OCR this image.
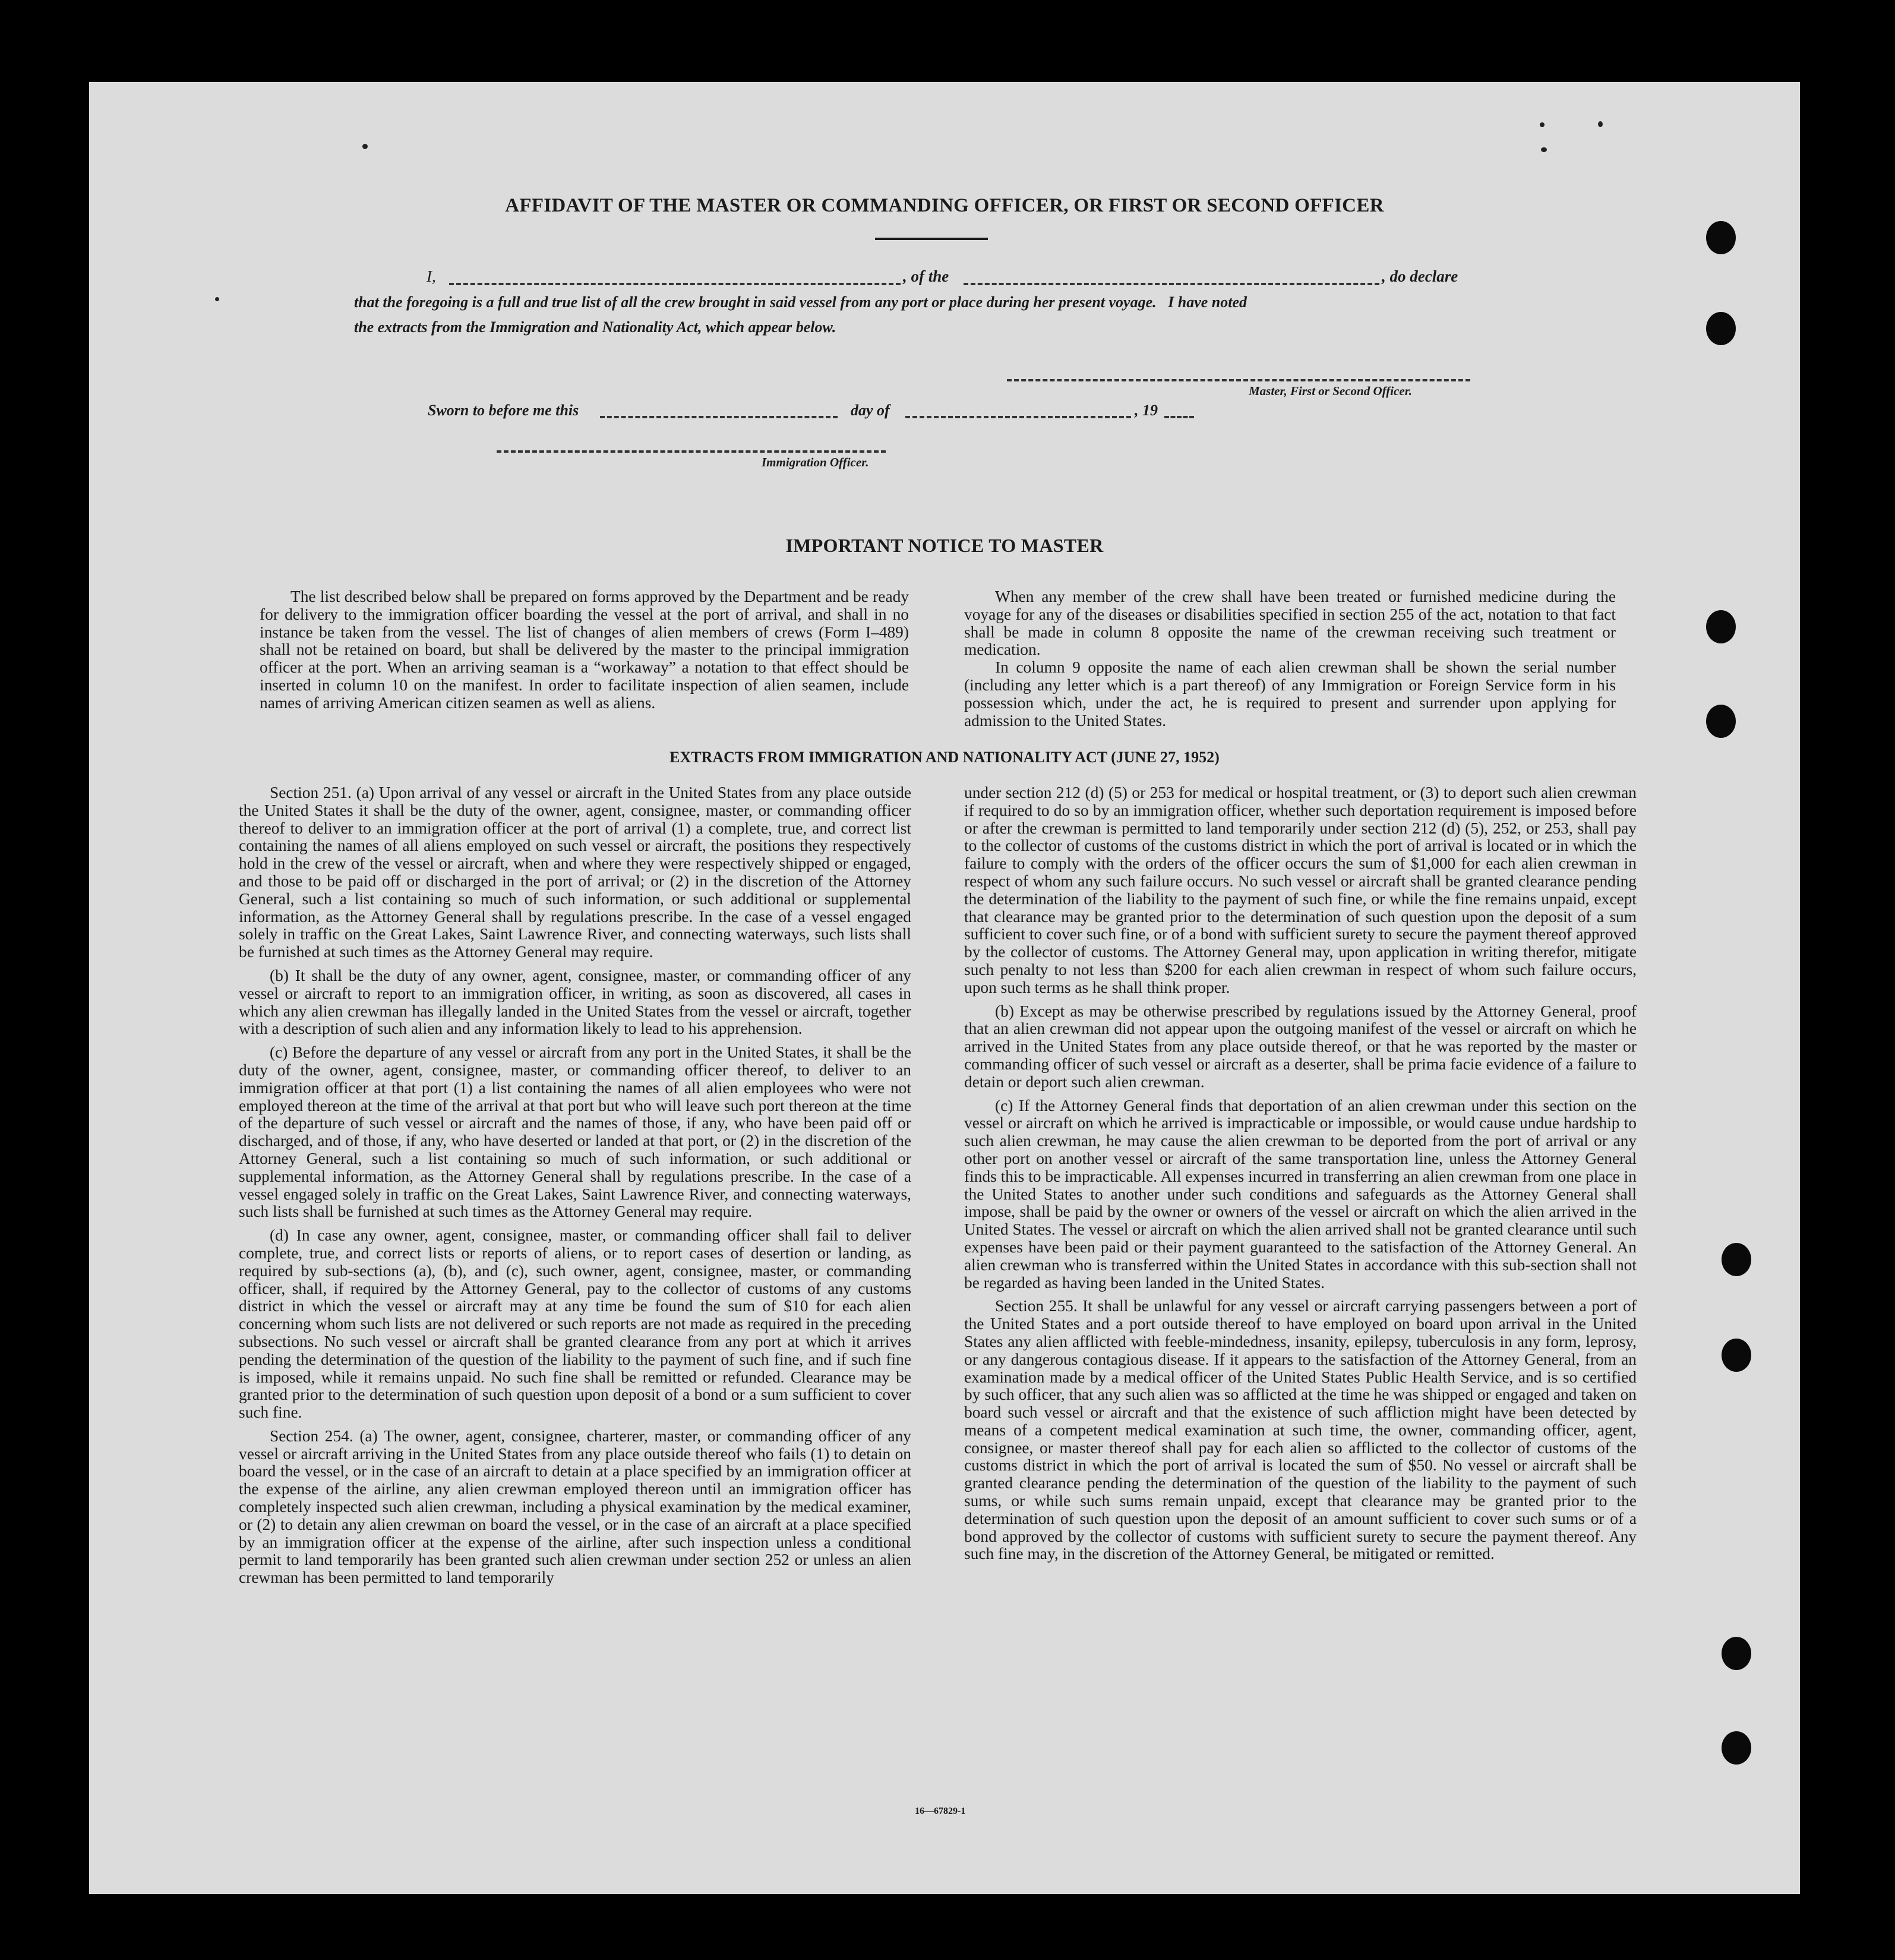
AFFIDAVIT OF THE MASTER OR COMMANDING OFFICER, OR FIRST OR SECOND OFFICER
I,	, of the	, do declare
that the foregoing is a full and true list of all the crew brought in said vessel from any port or place during her present voyage.   I have noted
the extracts from the Immigration and Nationality Act, which appear below.
Master, First or Second Officer.
Sworn to before me this	day of	, 19
Immigration Officer.
IMPORTANT NOTICE TO MASTER

The list described below shall be prepared on forms approved by the Department and be ready for delivery to the immigration officer boarding the vessel at the port of arrival, and shall in no instance be taken from the vessel. The list of changes of alien members of crews (Form I–489) shall not be retained on board, but shall be delivered by the master to the principal immigration officer at the port. When an arriving seaman is a “workaway” a notation to that effect should be inserted in column 10 on the manifest. In order to facilitate inspection of alien seamen, include names of arriving American citizen seamen as well as aliens.

When any member of the crew shall have been treated or furnished medicine during the voyage for any of the diseases or disabilities specified in section 255 of the act, notation to that fact shall be made in column 8 opposite the name of the crewman receiving such treatment or medication.

In column 9 opposite the name of each alien crewman shall be shown the serial number (including any letter which is a part thereof) of any Immigration or Foreign Service form in his possession which, under the act, he is required to present and surrender upon applying for admission to the United States.

EXTRACTS FROM IMMIGRATION AND NATIONALITY ACT (JUNE 27, 1952)

Section 251. (a) Upon arrival of any vessel or aircraft in the United States from any place outside the United States it shall be the duty of the owner, agent, consignee, master, or commanding officer thereof to deliver to an immigration officer at the port of arrival (1) a complete, true, and correct list containing the names of all aliens employed on such vessel or aircraft, the positions they respectively hold in the crew of the vessel or aircraft, when and where they were respectively shipped or engaged, and those to be paid off or discharged in the port of arrival; or (2) in the discretion of the Attorney General, such a list containing so much of such information, or such additional or supplemental information, as the Attorney General shall by regulations prescribe. In the case of a vessel engaged solely in traffic on the Great Lakes, Saint Lawrence River, and connecting waterways, such lists shall be furnished at such times as the Attorney General may require.

(b) It shall be the duty of any owner, agent, consignee, master, or commanding officer of any vessel or aircraft to report to an immigration officer, in writing, as soon as discovered, all cases in which any alien crewman has illegally landed in the United States from the vessel or aircraft, together with a description of such alien and any information likely to lead to his apprehension.

(c) Before the departure of any vessel or aircraft from any port in the United States, it shall be the duty of the owner, agent, consignee, master, or commanding officer thereof, to deliver to an immigration officer at that port (1) a list containing the names of all alien employees who were not employed thereon at the time of the arrival at that port but who will leave such port thereon at the time of the departure of such vessel or aircraft and the names of those, if any, who have been paid off or discharged, and of those, if any, who have deserted or landed at that port, or (2) in the discretion of the Attorney General, such a list containing so much of such information, or such additional or supplemental information, as the Attorney General shall by regulations prescribe. In the case of a vessel engaged solely in traffic on the Great Lakes, Saint Lawrence River, and connecting waterways, such lists shall be furnished at such times as the Attorney General may require.

(d) In case any owner, agent, consignee, master, or commanding officer shall fail to deliver complete, true, and correct lists or reports of aliens, or to report cases of desertion or landing, as required by sub-sections (a), (b), and (c), such owner, agent, consignee, master, or commanding officer, shall, if required by the Attorney General, pay to the collector of customs of any customs district in which the vessel or aircraft may at any time be found the sum of $10 for each alien concerning whom such lists are not delivered or such reports are not made as required in the preceding subsections. No such vessel or aircraft shall be granted clearance from any port at which it arrives pending the determination of the question of the liability to the payment of such fine, and if such fine is imposed, while it remains unpaid. No such fine shall be remitted or refunded. Clearance may be granted prior to the determination of such question upon deposit of a bond or a sum sufficient to cover such fine.

Section 254. (a) The owner, agent, consignee, charterer, master, or commanding officer of any vessel or aircraft arriving in the United States from any place outside thereof who fails (1) to detain on board the vessel, or in the case of an aircraft to detain at a place specified by an immigration officer at the expense of the airline, any alien crewman employed thereon until an immigration officer has completely inspected such alien crewman, including a physical examination by the medical examiner, or (2) to detain any alien crewman on board the vessel, or in the case of an aircraft at a place specified by an immigration officer at the expense of the airline, after such inspection unless a conditional permit to land temporarily has been granted such alien crewman under section 252 or unless an alien crewman has been permitted to land temporarily

under section 212 (d) (5) or 253 for medical or hospital treatment, or (3) to deport such alien crewman if required to do so by an immigration officer, whether such deportation requirement is imposed before or after the crewman is permitted to land temporarily under section 212 (d) (5), 252, or 253, shall pay to the collector of customs of the customs district in which the port of arrival is located or in which the failure to comply with the orders of the officer occurs the sum of $1,000 for each alien crewman in respect of whom any such failure occurs. No such vessel or aircraft shall be granted clearance pending the determination of the liability to the payment of such fine, or while the fine remains unpaid, except that clearance may be granted prior to the determination of such question upon the deposit of a sum sufficient to cover such fine, or of a bond with sufficient surety to secure the payment thereof approved by the collector of customs. The Attorney General may, upon application in writing therefor, mitigate such penalty to not less than $200 for each alien crewman in respect of whom such failure occurs, upon such terms as he shall think proper.

(b) Except as may be otherwise prescribed by regulations issued by the Attorney General, proof that an alien crewman did not appear upon the outgoing manifest of the vessel or aircraft on which he arrived in the United States from any place outside thereof, or that he was reported by the master or commanding officer of such vessel or aircraft as a deserter, shall be prima facie evidence of a failure to detain or deport such alien crewman.

(c) If the Attorney General finds that deportation of an alien crewman under this section on the vessel or aircraft on which he arrived is impracticable or impossible, or would cause undue hardship to such alien crewman, he may cause the alien crewman to be deported from the port of arrival or any other port on another vessel or aircraft of the same transportation line, unless the Attorney General finds this to be impracticable. All expenses incurred in transferring an alien crewman from one place in the United States to another under such conditions and safeguards as the Attorney General shall impose, shall be paid by the owner or owners of the vessel or aircraft on which the alien arrived in the United States. The vessel or aircraft on which the alien arrived shall not be granted clearance until such expenses have been paid or their payment guaranteed to the satisfaction of the Attorney General. An alien crewman who is transferred within the United States in accordance with this sub-section shall not be regarded as having been landed in the United States.

Section 255. It shall be unlawful for any vessel or aircraft carrying passengers between a port of the United States and a port outside thereof to have employed on board upon arrival in the United States any alien afflicted with feeble-mindedness, insanity, epilepsy, tuberculosis in any form, leprosy, or any dangerous contagious disease. If it appears to the satisfaction of the Attorney General, from an examination made by a medical officer of the United States Public Health Service, and is so certified by such officer, that any such alien was so afflicted at the time he was shipped or engaged and taken on board such vessel or aircraft and that the existence of such affliction might have been detected by means of a competent medical examination at such time, the owner, commanding officer, agent, consignee, or master thereof shall pay for each alien so afflicted to the collector of customs of the customs district in which the port of arrival is located the sum of $50. No vessel or aircraft shall be granted clearance pending the determination of the question of the liability to the payment of such sums, or while such sums remain unpaid, except that clearance may be granted prior to the determination of such question upon the deposit of an amount sufficient to cover such sums or of a bond approved by the collector of customs with sufficient surety to secure the payment thereof. Any such fine may, in the discretion of the Attorney General, be mitigated or remitted.

16—67829-1
